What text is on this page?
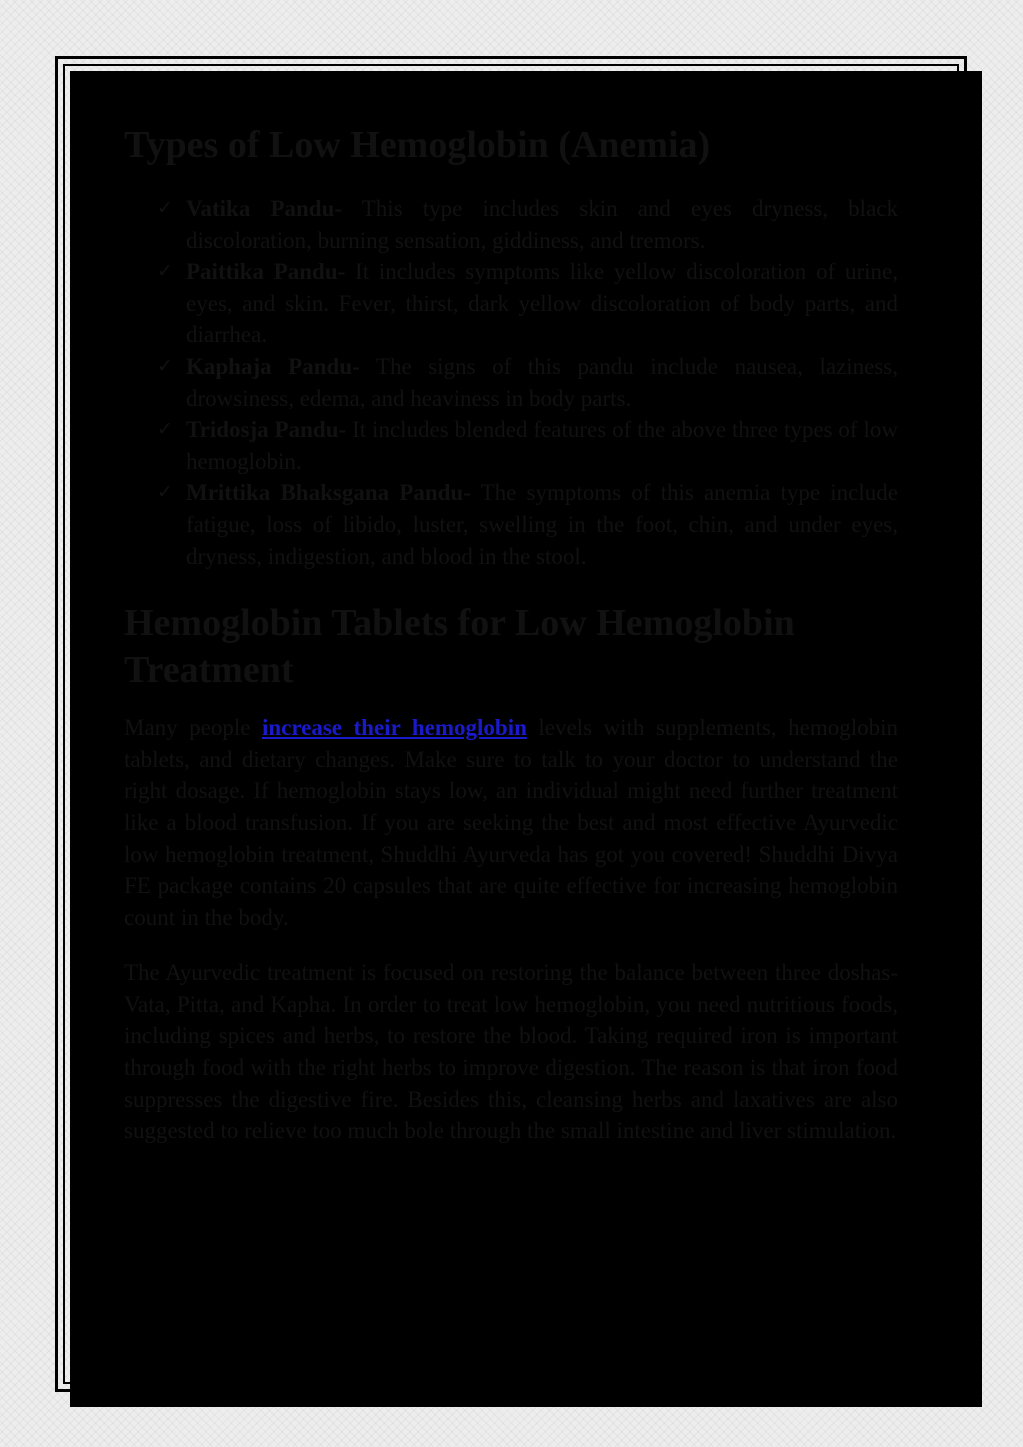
Types of Low Hemoglobin (Anemia)
✓ Vatika Pandu- This type includes skin and eyes dryness, black discoloration, burning sensation, giddiness, and tremors.
✓ Paittika Pandu- It includes symptoms like yellow discoloration of urine, eyes, and skin. Fever, thirst, dark yellow discoloration of body parts, and diarrhea.
✓ Kaphaja Pandu- The signs of this pandu include nausea, laziness, drowsiness, edema, and heaviness in body parts.
✓ Tridosja Pandu- It includes blended features of the above three types of low hemoglobin.
✓ Mrittika Bhaksgana Pandu- The symptoms of this anemia type include fatigue, loss of libido, luster, swelling in the foot, chin, and under eyes, dryness, indigestion, and blood in the stool.
Hemoglobin Tablets for Low Hemoglobin Treatment

Many people increase their hemoglobin levels with supplements, hemoglobin tablets, and dietary changes. Make sure to talk to your doctor to understand the right dosage. If hemoglobin stays low, an individual might need further treatment like a blood transfusion. If you are seeking the best and most effective Ayurvedic low hemoglobin treatment, Shuddhi Ayurveda has got you covered! Shuddhi Divya FE package contains 20 capsules that are quite effective for increasing hemoglobin count in the body.

The Ayurvedic treatment is focused on restoring the balance between three doshas- Vata, Pitta, and Kapha. In order to treat low hemoglobin, you need nutritious foods, including spices and herbs, to restore the blood. Taking required iron is important through food with the right herbs to improve digestion. The reason is that iron food suppresses the digestive fire. Besides this, cleansing herbs and laxatives are also suggested to relieve too much bole through the small intestine and liver stimulation.
